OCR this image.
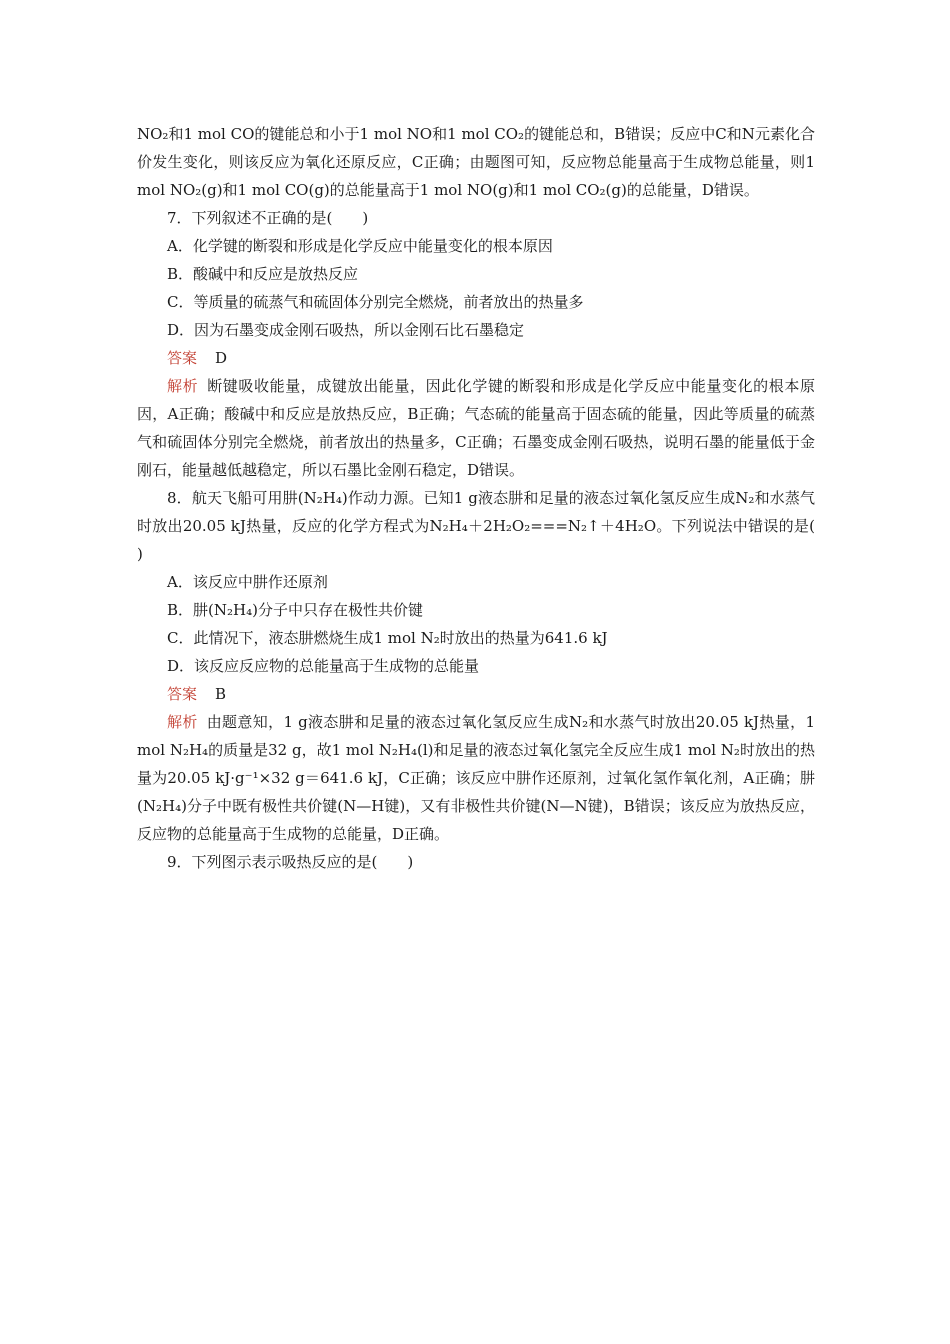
NO₂和1 mol CO的键能总和小于1 mol NO和1 mol CO₂的键能总和，B错误；反应中C和N元素化合价发生变化，则该反应为氧化还原反应，C正确；由题图可知，反应物总能量高于生成物总能量，则1 mol NO₂(g)和1 mol CO(g)的总能量高于1 mol NO(g)和1 mol CO₂(g)的总能量，D错误。

7．下列叙述不正确的是(　　)

A．化学键的断裂和形成是化学反应中能量变化的根本原因

B．酸碱中和反应是放热反应

C．等质量的硫蒸气和硫固体分别完全燃烧，前者放出的热量多

D．因为石墨变成金刚石吸热，所以金刚石比石墨稳定

答案 D

解析 断键吸收能量，成键放出能量，因此化学键的断裂和形成是化学反应中能量变化的根本原因，A正确；酸碱中和反应是放热反应，B正确；气态硫的能量高于固态硫的能量，因此等质量的硫蒸气和硫固体分别完全燃烧，前者放出的热量多，C正确；石墨变成金刚石吸热，说明石墨的能量低于金刚石，能量越低越稳定，所以石墨比金刚石稳定，D错误。

8．航天飞船可用肼(N₂H₄)作动力源。已知1 g液态肼和足量的液态过氧化氢反应生成N₂和水蒸气时放出20.05 kJ热量，反应的化学方程式为N₂H₄＋2H₂O₂===N₂↑＋4H₂O。下列说法中错误的是(　　)

A．该反应中肼作还原剂

B．肼(N₂H₄)分子中只存在极性共价键

C．此情况下，液态肼燃烧生成1 mol N₂时放出的热量为641.6 kJ

D．该反应反应物的总能量高于生成物的总能量

答案 B

解析 由题意知，1 g液态肼和足量的液态过氧化氢反应生成N₂和水蒸气时放出20.05 kJ热量，1 mol N₂H₄的质量是32 g，故1 mol N₂H₄(l)和足量的液态过氧化氢完全反应生成1 mol N₂时放出的热量为20.05 kJ·g⁻¹×32 g＝641.6 kJ，C正确；该反应中肼作还原剂，过氧化氢作氧化剂，A正确；肼(N₂H₄)分子中既有极性共价键(N—H键)，又有非极性共价键(N—N键)，B错误；该反应为放热反应，反应物的总能量高于生成物的总能量，D正确。

9．下列图示表示吸热反应的是(　　)
